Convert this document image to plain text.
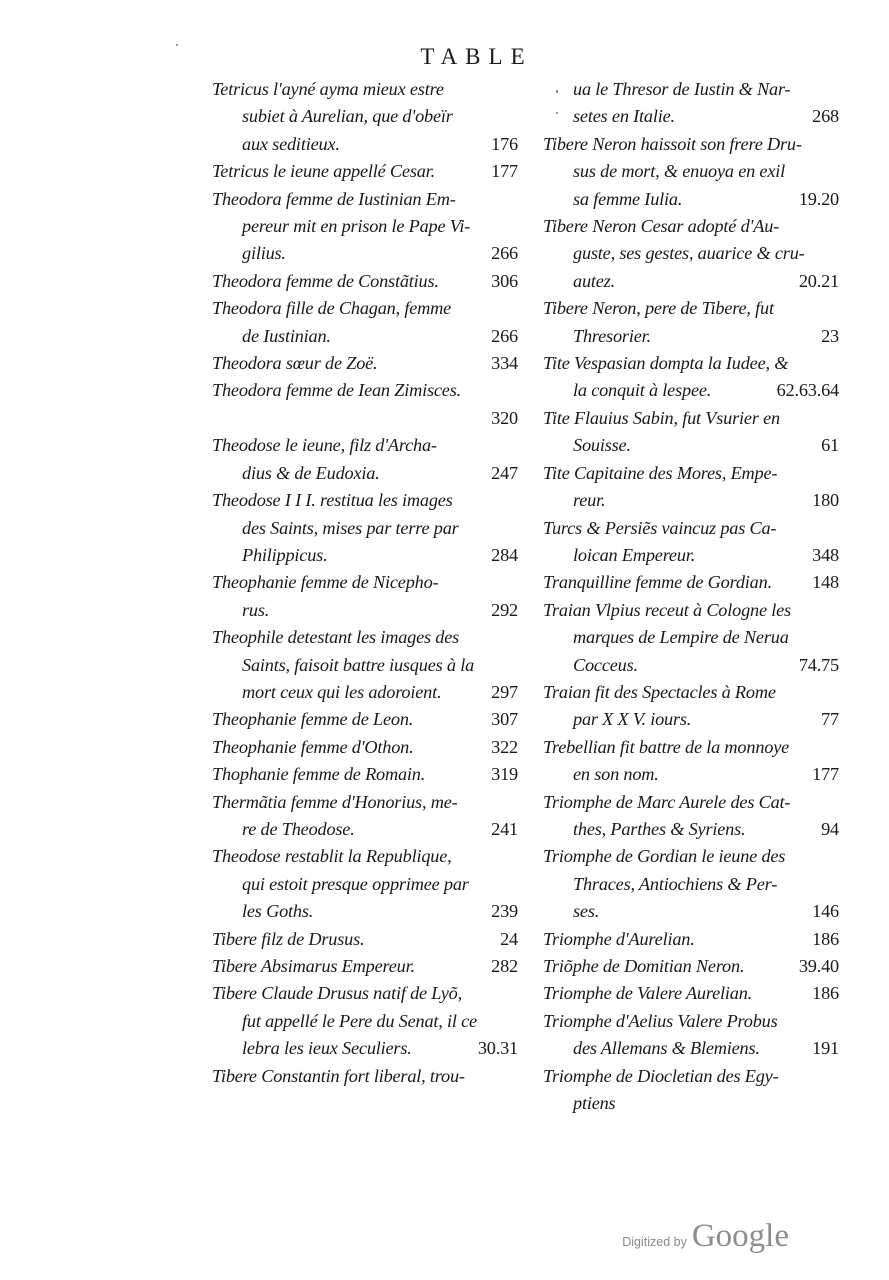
TABLE
Tetricus l'ayné ayma mieux estre
subiet à Aurelian, que d'obeïr
aux seditieux.	176
Tetricus le ieune appellé Cesar.	177
Theodora femme de Iustinian Em-
pereur mit en prison le Pape Vi-
gilius.	266
Theodora femme de Constãtius.	306
Theodora fille de Chagan, femme
de Iustinian.	266
Theodora sœur de Zoë.	334
Theodora femme de Iean Zimisces.
320
Theodose le ieune, filz d'Archa-
dius & de Eudoxia.	247
Theodose I I I. restitua les images
des Saints, mises par terre par
Philippicus.	284
Theophanie femme de Nicepho-
rus.	292
Theophile detestant les images des
Saints, faisoit battre iusques à la
mort ceux qui les adoroient.	297
Theophanie femme de Leon.	307
Theophanie femme d'Othon.	322
Thophanie femme de Romain.	319
Thermãtia femme d'Honorius, me-
re de Theodose.	241
Theodose restablit la Republique,
qui estoit presque opprimee par
les Goths.	239
Tibere filz de Drusus.	24
Tibere Absimarus Empereur.	282
Tibere Claude Drusus natif de Lyõ,
fut appellé le Pere du Senat, il ce
lebra les ieux Seculiers.	30.31
Tibere Constantin fort liberal, trou-
ua le Thresor de Iustin & Nar-
setes en Italie.	268
Tibere Neron haissoit son frere Dru-
sus de mort, & enuoya en exil
sa femme Iulia.	19.20
Tibere Neron Cesar adopté d'Au-
guste, ses gestes, auarice & cru-
autez.	20.21
Tibere Neron, pere de Tibere, fut
Thresorier.	23
Tite Vespasian dompta la Iudee, &
la conquit à lespee.	62.63.64
Tite Flauius Sabin, fut Vsurier en
Souisse.	61
Tite Capitaine des Mores, Empe-
reur.	180
Turcs & Persiẽs vaincuz pas Ca-
loican Empereur.	348
Tranquilline femme de Gordian.	148
Traian Vlpius receut à Cologne les
marques de Lempire de Nerua
Cocceus.	74.75
Traian fit des Spectacles à Rome
par X X V. iours.	77
Trebellian fit battre de la monnoye
en son nom.	177
Triomphe de Marc Aurele des Cat-
thes, Parthes & Syriens.	94
Triomphe de Gordian le ieune des
Thraces, Antiochiens & Per-
ses.	146
Triomphe d'Aurelian.	186
Triõphe de Domitian Neron.	39.40
Triomphe de Valere Aurelian.	186
Triomphe d'Aelius Valere Probus
des Allemans & Blemiens.	191
Triomphe de Diocletian des Egy-
ptiens
Digitized by Google
